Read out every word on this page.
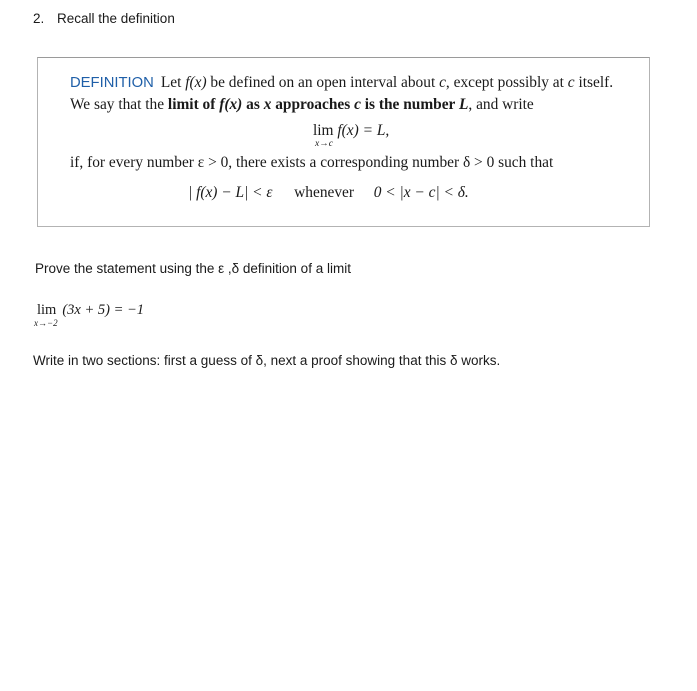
2. Recall the definition
DEFINITION Let f(x) be defined on an open interval about c, except possibly at c itself. We say that the limit of f(x) as x approaches c is the number L, and write
lim
x→c
f(x) = L,
if, for every number ε > 0, there exists a corresponding number δ > 0 such that
| f(x) − L| < ε whenever 0 < |x − c| < δ.
Prove the statement using the ε ,δ definition of a limit
lim
x→−2
(3x + 5) = −1
Write in two sections: first a guess of δ, next a proof showing that this δ works.
